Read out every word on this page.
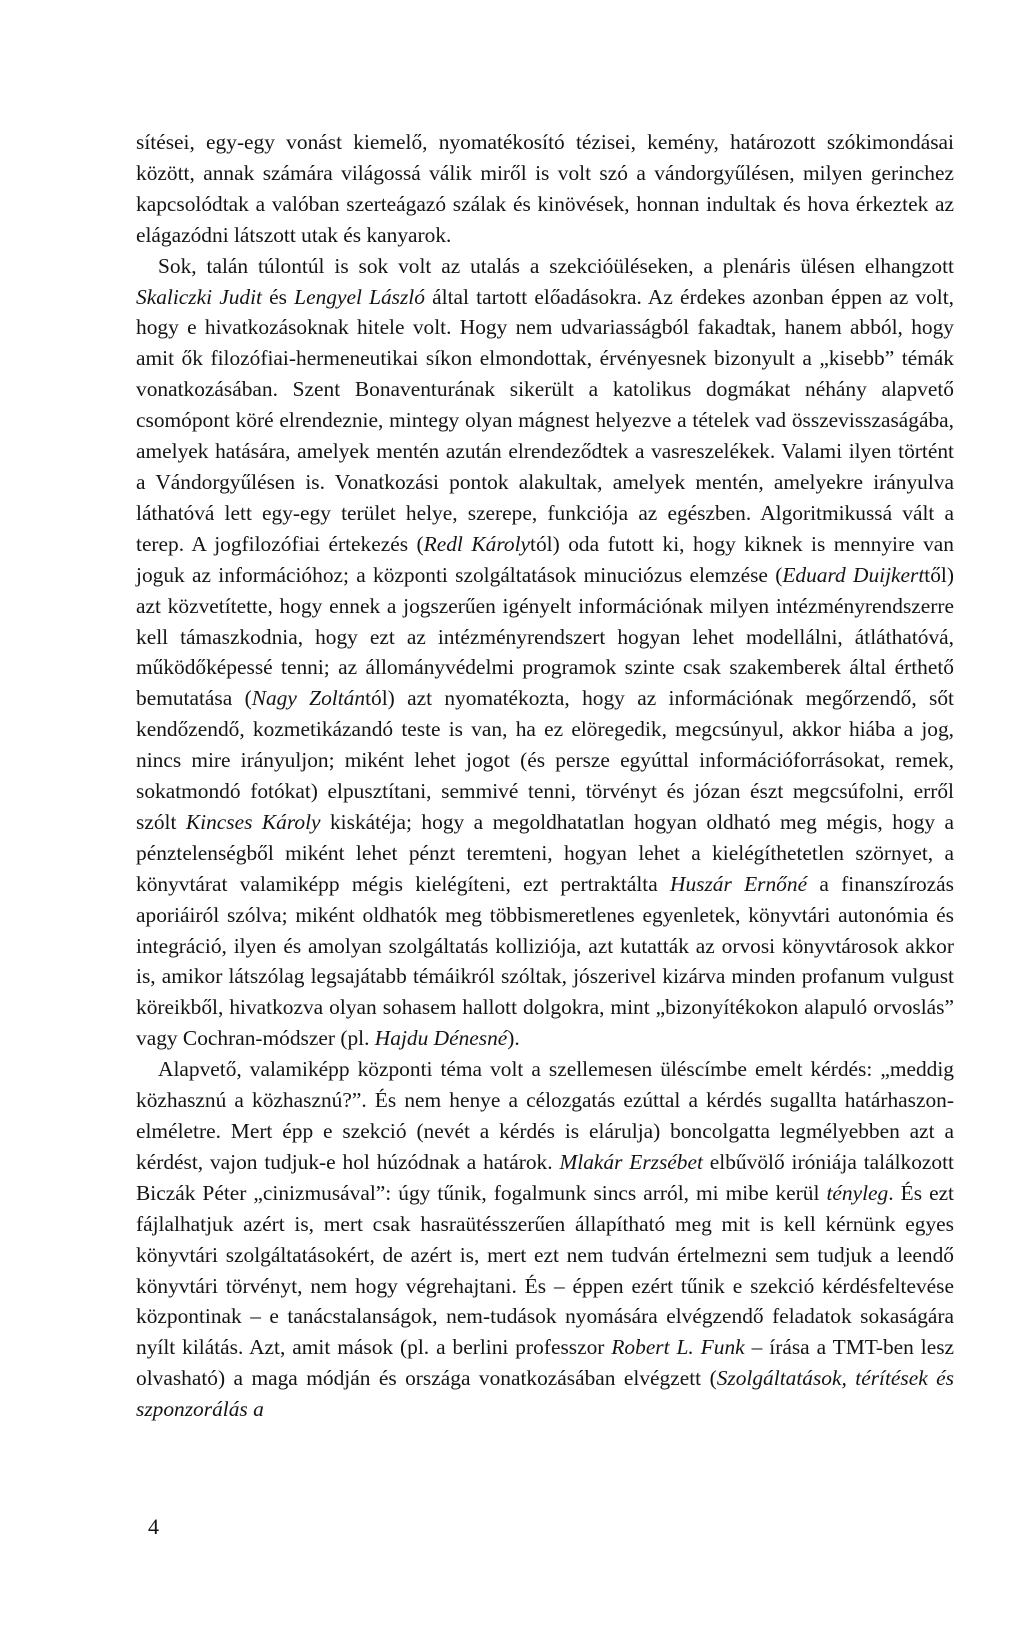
sítései, egy-egy vonást kiemelő, nyomatékosító tézisei, kemény, határozott szókimondásai között, annak számára világossá válik miről is volt szó a vándorgyűlésen, milyen gerinchez kapcsolódtak a valóban szerteágazó szálak és kinövések, honnan indultak és hova érkeztek az elágazódni látszott utak és kanyarok.

Sok, talán túlontúl is sok volt az utalás a szekcióüléseken, a plenáris ülésen elhangzott Skaliczki Judit és Lengyel László által tartott előadásokra. Az érdekes azonban éppen az volt, hogy e hivatkozásoknak hitele volt. Hogy nem udvariasságból fakadtak, hanem abból, hogy amit ők filozófiai-hermeneutikai síkon elmondottak, érvényesnek bizonyult a „kisebb” témák vonatkozásában. Szent Bonaventurának sikerült a katolikus dogmákat néhány alapvető csomópont köré elrendeznie, mintegy olyan mágnest helyezve a tételek vad összevisszaságába, amelyek hatására, amelyek mentén azután elrendeződtek a vasreszelékek. Valami ilyen történt a Vándorgyűlésen is. Vonatkozási pontok alakultak, amelyek mentén, amelyekre irányulva láthatóvá lett egy-egy terület helye, szerepe, funkciója az egészben. Algoritmikussá vált a terep. A jogfilozófiai értekezés (Redl Károlytól) oda futott ki, hogy kiknek is mennyire van joguk az információhoz; a központi szolgáltatások minuciózus elemzése (Eduard Duijkerttől) azt közvetítette, hogy ennek a jogszerűen igényelt információnak milyen intézményrendszerre kell támaszkodnia, hogy ezt az intézményrendszert hogyan lehet modellálni, átláthatóvá, működőképessé tenni; az állományvédelmi programok szinte csak szakemberek által érthető bemutatása (Nagy Zoltántól) azt nyomatékozta, hogy az információnak megőrzendő, sőt kendőzendő, kozmetikázandó teste is van, ha ez elöregedik, megcsúnyul, akkor hiába a jog, nincs mire irányuljon; miként lehet jogot (és persze egyúttal információforrásokat, remek, sokatmondó fotókat) elpusztítani, semmivé tenni, törvényt és józan észt megcsúfolni, erről szólt Kincses Károly kiskátéja; hogy a megoldhatatlan hogyan oldható meg mégis, hogy a pénztelenségből miként lehet pénzt teremteni, hogyan lehet a kielégíthetetlen szörnyet, a könyvtárat valamiképp mégis kielégíteni, ezt pertraktálta Huszár Ernőné a finanszírozás aporiáiról szólva; miként oldhatók meg többismeretlenes egyenletek, könyvtári autonómia és integráció, ilyen és amolyan szolgáltatás kolliziója, azt kutatták az orvosi könyvtárosok akkor is, amikor látszólag legsajátabb témáikról szóltak, jószerivel kizárva minden profanum vulgust köreikből, hivatkozva olyan sohasem hallott dolgokra, mint „bizonyítékokon alapuló orvoslás” vagy Cochran-módszer (pl. Hajdu Dénesné).

Alapvető, valamiképp központi téma volt a szellemesen üléscímbe emelt kérdés: „meddig közhasznú a közhasznú?”. És nem henye a célozgatás ezúttal a kérdés sugallta határhaszon-elméletre. Mert épp e szekció (nevét a kérdés is elárulja) boncolgatta legmélyebben azt a kérdést, vajon tudjuk-e hol húzódnak a határok. Mlakár Erzsébet elbűvölő iróniája találkozott Biczák Péter „cinizmusával”: úgy tűnik, fogalmunk sincs arról, mi mibe kerül tényleg. És ezt fájlalhatjuk azért is, mert csak hasraütésszerűen állapítható meg mit is kell kérnünk egyes könyvtári szolgáltatásokért, de azért is, mert ezt nem tudván értelmezni sem tudjuk a leendő könyvtári törvényt, nem hogy végrehajtani. És – éppen ezért tűnik e szekció kérdésfeltevése központinak – e tanácstalanságok, nem-tudások nyomására elvégzendő feladatok sokaságára nyílt kilátás. Azt, amit mások (pl. a berlini professzor Robert L. Funk – írása a TMT-ben lesz olvasható) a maga módján és országa vonatkozásában elvégzett (Szolgáltatások, térítések és szponzorálás a

4
